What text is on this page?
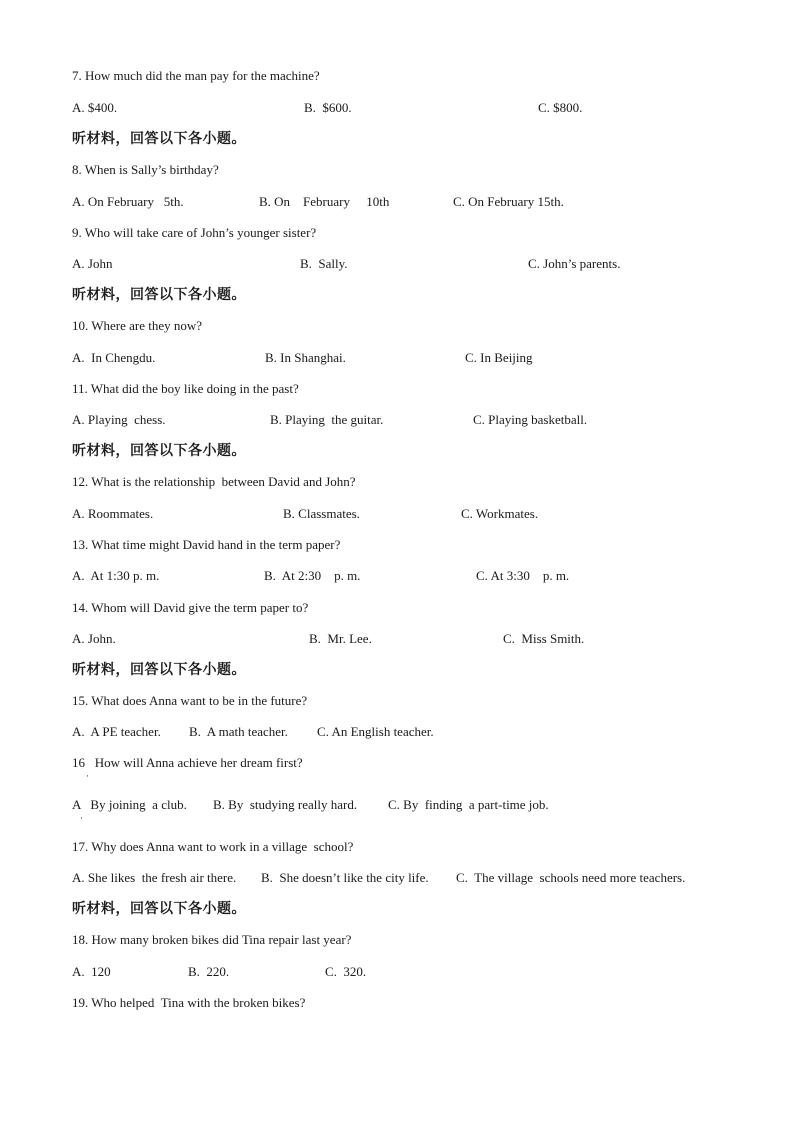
7. How much did the man pay for the machine?
A. $400.	B.  $600.	C. $800.
听材料，回答以下各小题。
8. When is Sally’s birthday?
A. On February   5th.	B. On    February     10th	C. On February 15th.
9. Who will take care of John’s younger sister?
A. John	B.  Sally.	C. John’s parents.
听材料，回答以下各小题。
10. Where are they now?
A.  In Chengdu.	B. In Shanghai.	C. In Beijing
11. What did the boy like doing in the past?
A. Playing  chess.	B. Playing  the guitar.	C. Playing basketball.
听材料，回答以下各小题。
12. What is the relationship  between David and John?
A. Roommates.	B. Classmates.	C. Workmates.
13. What time might David hand in the term paper?
A.  At 1:30 p. m.	B.  At 2:30    p. m.	C. At 3:30    p. m.
14. Whom will David give the term paper to?
A. John.	B.  Mr. Lee.	C.  Miss Smith.
听材料，回答以下各小题。
15. What does Anna want to be in the future?
A.  A PE teacher. B.  A math teacher. C. An English teacher.
16   How will Anna achieve her dream first?
·
A   By joining  a club. B. By  studying really hard. C. By  finding  a part-time job.
·
17. Why does Anna want to work in a village  school?
A. She likes  the fresh air there. B.  She doesn’t like the city life. C.  The village  schools need more teachers.
听材料，回答以下各小题。
18. How many broken bikes did Tina repair last year?
A.  120	B.  220.	C.  320.
19. Who helped  Tina with the broken bikes?
